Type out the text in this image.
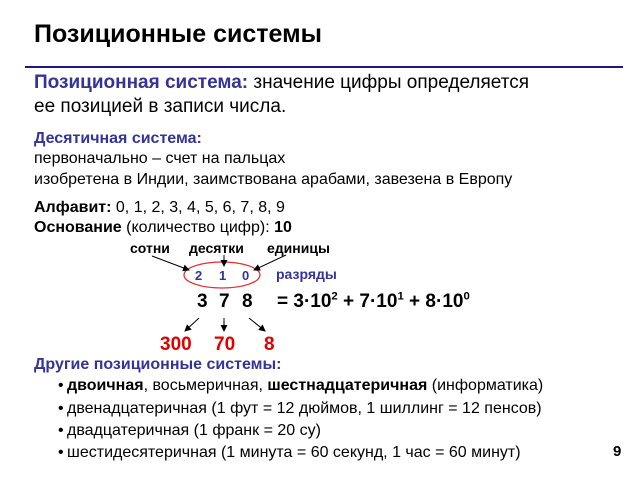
Позиционные системы
Позиционная система: значение цифры определяется
ее позицией в записи числа.
Десятичная система:
первоначально – счет на пальцах
изобретена в Индии, заимствована арабами, завезена в Европу
Алфавит: 0, 1, 2, 3, 4, 5, 6, 7, 8, 9
Основание (количество цифр): 10
сотни десятки единицы
2 1 0 разряды
3 7 $8 = 3\cdot 10^2 + 7\cdot 10^1 + 8\cdot 10^0$
300 70 8
Другие позиционные системы:
• двоичная, восьмеричная, шестнадцатеричная (информатика)
• двенадцатеричная (1 фут = 12 дюймов, 1 шиллинг = 12 пенсов)
• двадцатеричная (1 франк = 20 су)
• шестидесятеричная (1 минута = 60 секунд, 1 час = 60 минут)	9
